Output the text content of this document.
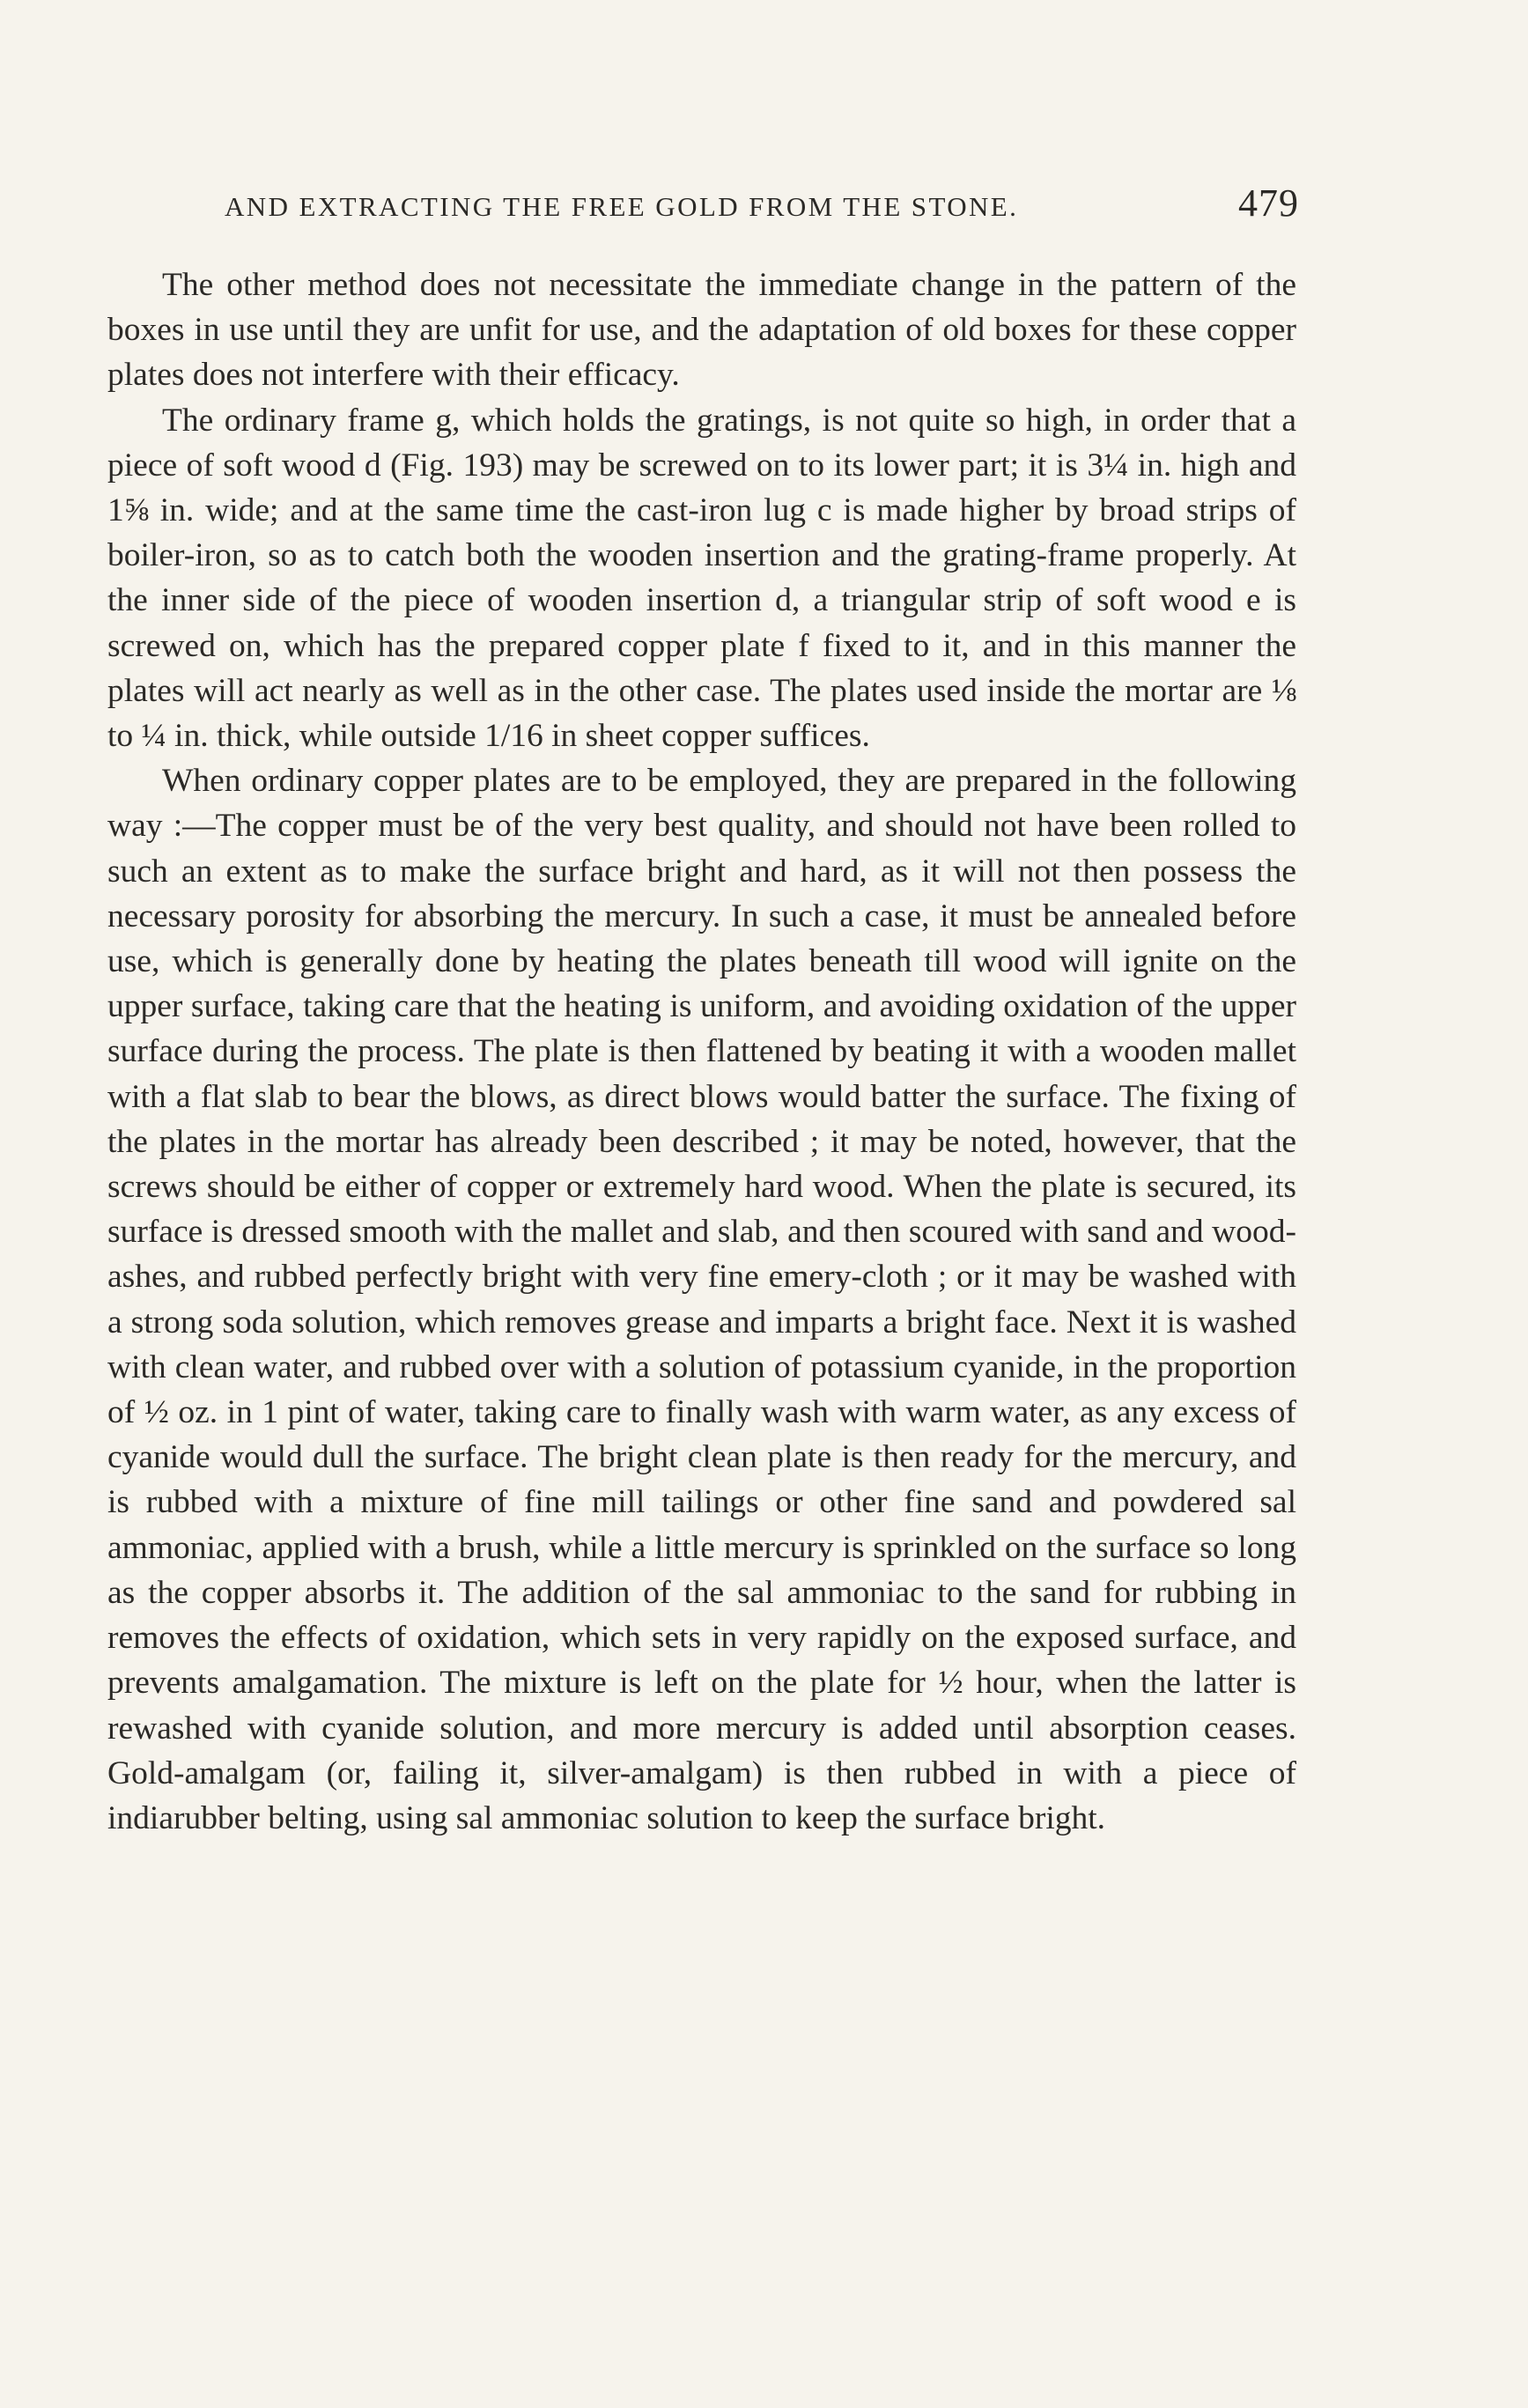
AND EXTRACTING THE FREE GOLD FROM THE STONE.	479

The other method does not necessitate the immediate change in the pattern of the boxes in use until they are unfit for use, and the adaptation of old boxes for these copper plates does not interfere with their efficacy.

The ordinary frame g, which holds the gratings, is not quite so high, in order that a piece of soft wood d (Fig. 193) may be screwed on to its lower part; it is 3¼ in. high and 1⅝ in. wide; and at the same time the cast-iron lug c is made higher by broad strips of boiler-iron, so as to catch both the wooden insertion and the grating-frame properly. At the inner side of the piece of wooden insertion d, a triangular strip of soft wood e is screwed on, which has the prepared copper plate f fixed to it, and in this manner the plates will act nearly as well as in the other case. The plates used inside the mortar are ⅛ to ¼ in. thick, while outside 1/16 in sheet copper suffices.

When ordinary copper plates are to be employed, they are prepared in the following way :—The copper must be of the very best quality, and should not have been rolled to such an extent as to make the surface bright and hard, as it will not then possess the necessary porosity for absorbing the mercury. In such a case, it must be annealed before use, which is generally done by heating the plates beneath till wood will ignite on the upper surface, taking care that the heating is uniform, and avoiding oxidation of the upper surface during the process. The plate is then flattened by beating it with a wooden mallet with a flat slab to bear the blows, as direct blows would batter the surface. The fixing of the plates in the mortar has already been described ; it may be noted, however, that the screws should be either of copper or extremely hard wood. When the plate is secured, its surface is dressed smooth with the mallet and slab, and then scoured with sand and wood-ashes, and rubbed perfectly bright with very fine emery-cloth ; or it may be washed with a strong soda solution, which removes grease and imparts a bright face. Next it is washed with clean water, and rubbed over with a solution of potassium cyanide, in the proportion of ½ oz. in 1 pint of water, taking care to finally wash with warm water, as any excess of cyanide would dull the surface. The bright clean plate is then ready for the mercury, and is rubbed with a mixture of fine mill tailings or other fine sand and powdered sal ammoniac, applied with a brush, while a little mercury is sprinkled on the surface so long as the copper absorbs it. The addition of the sal ammoniac to the sand for rubbing in removes the effects of oxidation, which sets in very rapidly on the exposed surface, and prevents amalgamation. The mixture is left on the plate for ½ hour, when the latter is rewashed with cyanide solution, and more mercury is added until absorption ceases. Gold-amalgam (or, failing it, silver-amalgam) is then rubbed in with a piece of indiarubber belting, using sal ammoniac solution to keep the surface bright.
